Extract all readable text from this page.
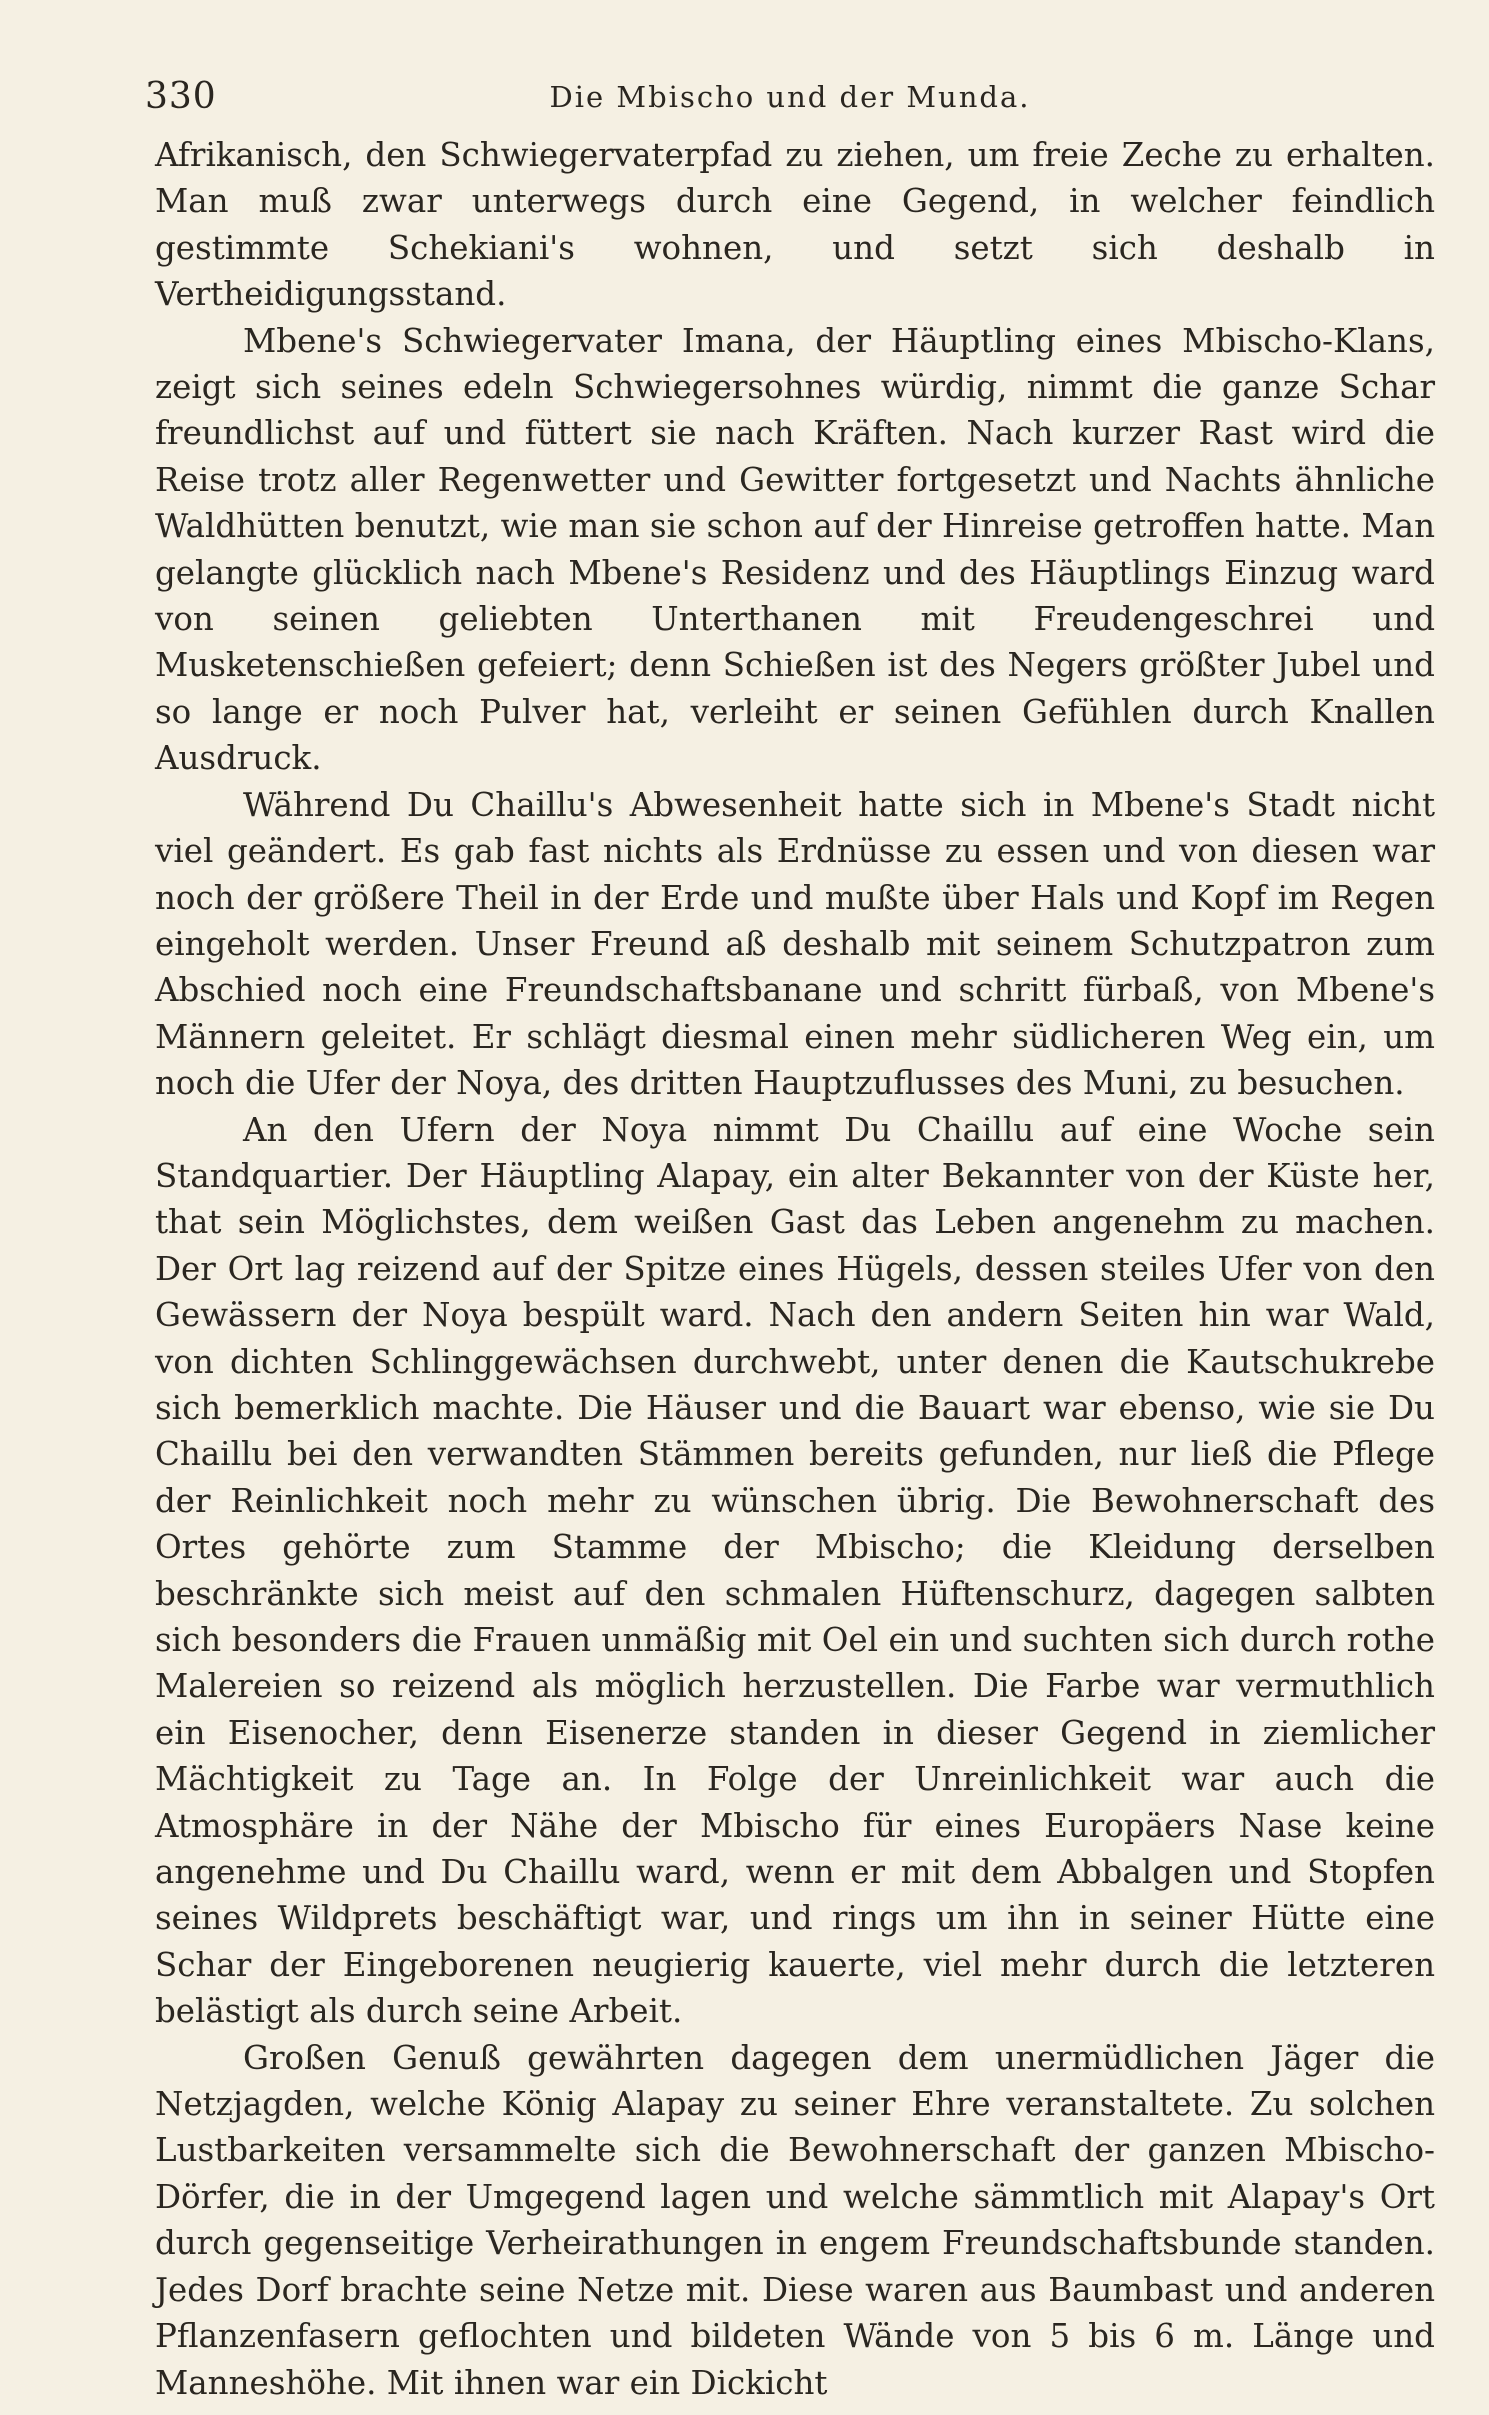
330	Die Mbischo und der Munda.

Afrikanisch, den Schwiegervaterpfad zu ziehen, um freie Zeche zu erhalten. Man muß zwar unterwegs durch eine Gegend, in welcher feindlich gestimmte Schekiani's wohnen, und setzt sich deshalb in Vertheidigungsstand.

Mbene's Schwiegervater Imana, der Häuptling eines Mbischo-Klans, zeigt sich seines edeln Schwiegersohnes würdig, nimmt die ganze Schar freundlichst auf und füttert sie nach Kräften. Nach kurzer Rast wird die Reise trotz aller Regenwetter und Gewitter fortgesetzt und Nachts ähnliche Waldhütten benutzt, wie man sie schon auf der Hinreise getroffen hatte. Man gelangte glücklich nach Mbene's Residenz und des Häuptlings Einzug ward von seinen geliebten Unterthanen mit Freudengeschrei und Musketenschießen gefeiert; denn Schießen ist des Negers größter Jubel und so lange er noch Pulver hat, verleiht er seinen Gefühlen durch Knallen Ausdruck.

Während Du Chaillu's Abwesenheit hatte sich in Mbene's Stadt nicht viel geändert. Es gab fast nichts als Erdnüsse zu essen und von diesen war noch der größere Theil in der Erde und mußte über Hals und Kopf im Regen eingeholt werden. Unser Freund aß deshalb mit seinem Schutzpatron zum Abschied noch eine Freundschaftsbanane und schritt fürbaß, von Mbene's Männern geleitet. Er schlägt diesmal einen mehr südlicheren Weg ein, um noch die Ufer der Noya, des dritten Hauptzuflusses des Muni, zu besuchen.

An den Ufern der Noya nimmt Du Chaillu auf eine Woche sein Standquartier. Der Häuptling Alapay, ein alter Bekannter von der Küste her, that sein Möglichstes, dem weißen Gast das Leben angenehm zu machen. Der Ort lag reizend auf der Spitze eines Hügels, dessen steiles Ufer von den Gewässern der Noya bespült ward. Nach den andern Seiten hin war Wald, von dichten Schlinggewächsen durchwebt, unter denen die Kautschukrebe sich bemerklich machte. Die Häuser und die Bauart war ebenso, wie sie Du Chaillu bei den verwandten Stämmen bereits gefunden, nur ließ die Pflege der Reinlichkeit noch mehr zu wünschen übrig. Die Bewohnerschaft des Ortes gehörte zum Stamme der Mbischo; die Kleidung derselben beschränkte sich meist auf den schmalen Hüftenschurz, dagegen salbten sich besonders die Frauen unmäßig mit Oel ein und suchten sich durch rothe Malereien so reizend als möglich herzustellen. Die Farbe war vermuthlich ein Eisenocher, denn Eisenerze standen in dieser Gegend in ziemlicher Mächtigkeit zu Tage an. In Folge der Unreinlichkeit war auch die Atmosphäre in der Nähe der Mbischo für eines Europäers Nase keine angenehme und Du Chaillu ward, wenn er mit dem Abbalgen und Stopfen seines Wildprets beschäftigt war, und rings um ihn in seiner Hütte eine Schar der Eingeborenen neugierig kauerte, viel mehr durch die letzteren belästigt als durch seine Arbeit.

Großen Genuß gewährten dagegen dem unermüdlichen Jäger die Netzjagden, welche König Alapay zu seiner Ehre veranstaltete. Zu solchen Lustbarkeiten versammelte sich die Bewohnerschaft der ganzen Mbischo-Dörfer, die in der Umgegend lagen und welche sämmtlich mit Alapay's Ort durch gegenseitige Verheirathungen in engem Freundschaftsbunde standen. Jedes Dorf brachte seine Netze mit. Diese waren aus Baumbast und anderen Pflanzenfasern geflochten und bildeten Wände von 5 bis 6 m. Länge und Manneshöhe. Mit ihnen war ein Dickicht
